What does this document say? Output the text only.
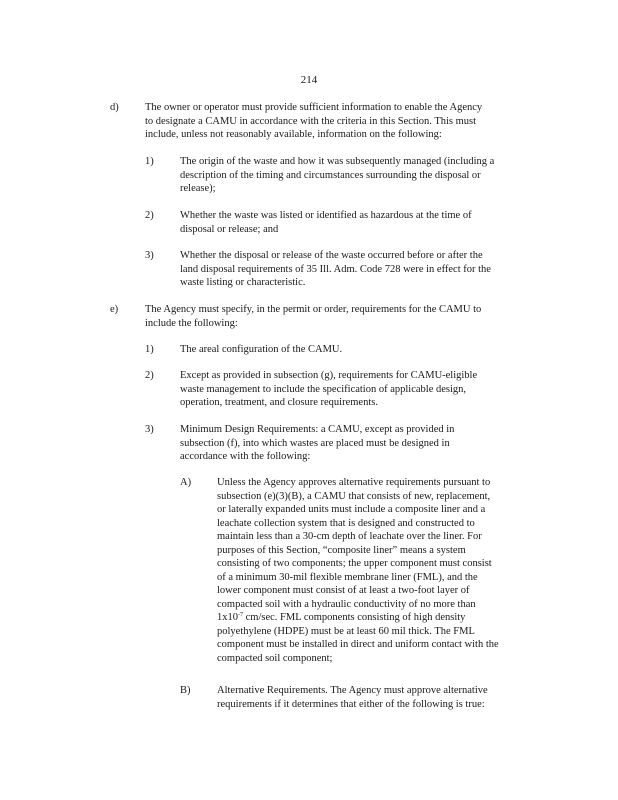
214
d)	The owner or operator must provide sufficient information to enable the Agency
to designate a CAMU in accordance with the criteria in this Section. This must
include, unless not reasonably available, information on the following:
1)	The origin of the waste and how it was subsequently managed (including a
description of the timing and circumstances surrounding the disposal or
release);
2)	Whether the waste was listed or identified as hazardous at the time of
disposal or release; and
3)	Whether the disposal or release of the waste occurred before or after the
land disposal requirements of 35 Ill. Adm. Code 728 were in effect for the
waste listing or characteristic.
e)	The Agency must specify, in the permit or order, requirements for the CAMU to
include the following:
1)	The areal configuration of the CAMU.
2)	Except as provided in subsection (g), requirements for CAMU-eligible
waste management to include the specification of applicable design,
operation, treatment, and closure requirements.
3)	Minimum Design Requirements: a CAMU, except as provided in
subsection (f), into which wastes are placed must be designed in
accordance with the following:
A) Unless the Agency approves alternative requirements pursuant to
subsection (e)(3)(B), a CAMU that consists of new, replacement,
or laterally expanded units must include a composite liner and a
leachate collection system that is designed and constructed to
maintain less than a 30-cm depth of leachate over the liner. For
purposes of this Section, “composite liner” means a system
consisting of two components; the upper component must consist
of a minimum 30-mil flexible membrane liner (FML), and the
lower component must consist of at least a two-foot layer of
compacted soil with a hydraulic conductivity of no more than
$1x10^{-7}$ cm/sec. FML components consisting of high density
polyethylene (HDPE) must be at least 60 mil thick. The FML
component must be installed in direct and uniform contact with the
compacted soil component;
B)	Alternative Requirements. The Agency must approve alternative
requirements if it determines that either of the following is true:
